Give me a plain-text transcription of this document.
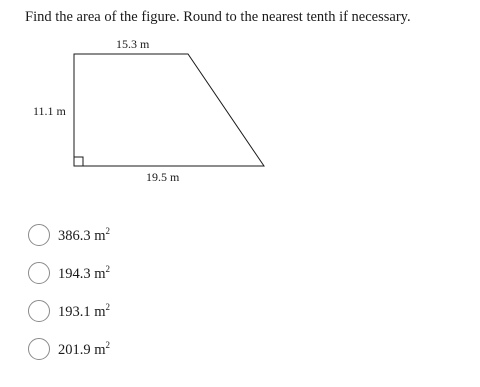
Find the area of the figure. Round to the nearest tenth if necessary.
15.3 m
11.1 m
19.5 m
386.3 $m^2$
194.3 $m^2$
193.1 $m^2$
201.9 $m^2$
